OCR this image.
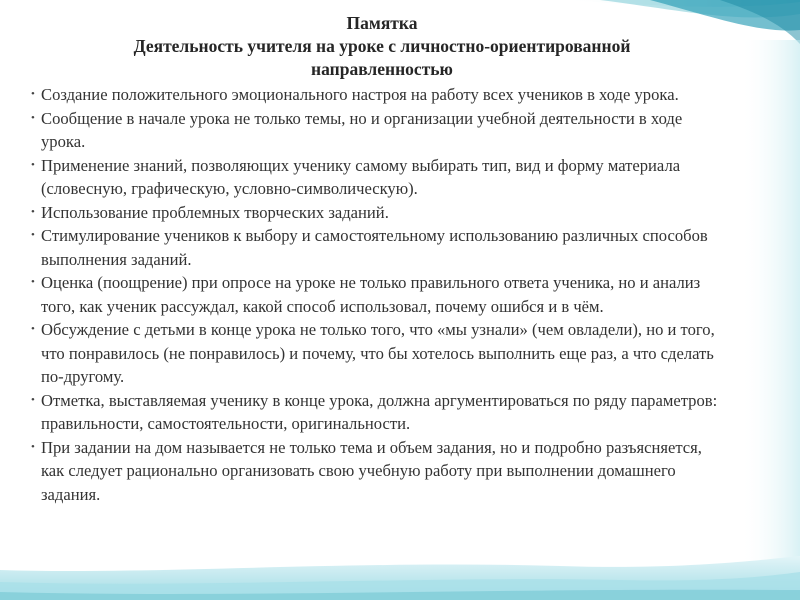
Памятка
Деятельность учителя на уроке с личностно-ориентированной
направленностью
• Создание положительного эмоционального настроя на работу всех учеников в ходе урока.
• Сообщение в начале урока не только темы, но и организации учебной деятельности в ходе урока.
• Применение знаний, позволяющих ученику самому выбирать тип, вид и форму материала (словесную, графическую, условно-символическую).
• Использование проблемных творческих заданий.
• Стимулирование учеников к выбору и самостоятельному использованию различных способов выполнения заданий.
• Оценка (поощрение) при опросе на уроке не только правильного ответа ученика, но и анализ того, как ученик рассуждал, какой способ использовал, почему ошибся и в чём.
• Обсуждение с детьми в конце урока не только того, что «мы узнали» (чем овладели), но и того, что понравилось (не понравилось) и почему, что бы хотелось выполнить еще раз, а что сделать по-другому.
• Отметка, выставляемая ученику в конце урока, должна аргументироваться по ряду параметров: правильности, самостоятельности, оригинальности.
• При задании на дом называется не только тема и объем задания, но и подробно разъясняется, как следует рационально организовать свою учебную работу при выполнении домашнего задания.
